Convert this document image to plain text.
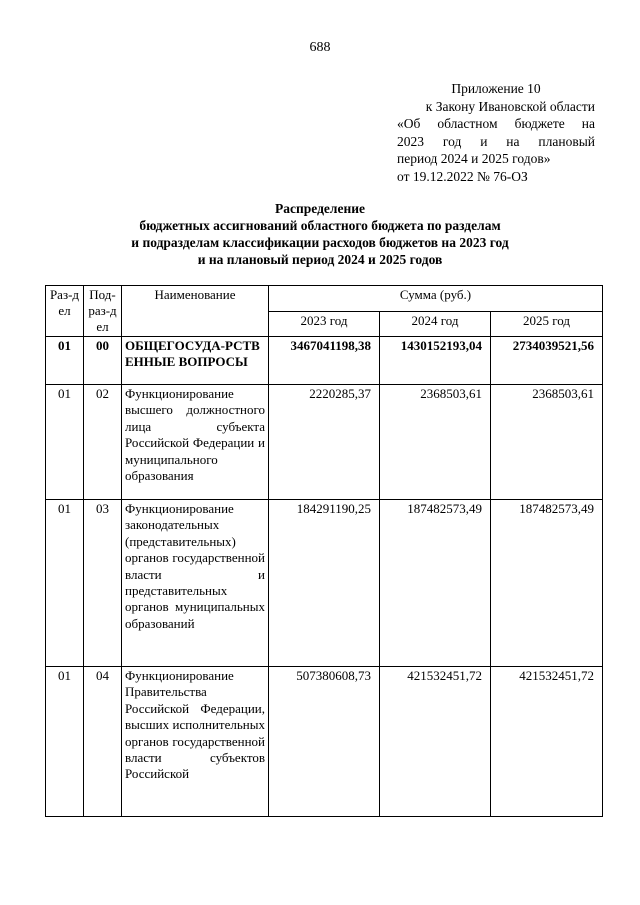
688
Приложение 10
к Закону Ивановской области
«Об областном бюджете на
2023 год и на плановый
период 2024 и 2025 годов»
от 19.12.2022 № 76-ОЗ
Распределение
бюджетных ассигнований областного бюджета по разделам
и подразделам классификации расходов бюджетов на 2023 год
и на плановый период 2024 и 2025 годов
Раз-дел	Под-раз-дел	Наименование	Сумма (руб.)		
			2023 год	2024 год	2025 год
01	00	ОБЩЕГОСУДА-РСТВЕННЫЕ ВОПРОСЫ	3467041198,38	1430152193,04	2734039521,56
01	02	Функционирование высшего должностного лица субъекта Российской Федерации и муниципального образования	2220285,37	2368503,61	2368503,61
01	03	Функционирование законодательных (представительных) органов государственной власти и представительных органов муниципальных образований	184291190,25	187482573,49	187482573,49
01	04	Функционирование Правительства Российской Федерации, высших исполнительных органов государственной власти субъектов Российской	507380608,73	421532451,72	421532451,72
